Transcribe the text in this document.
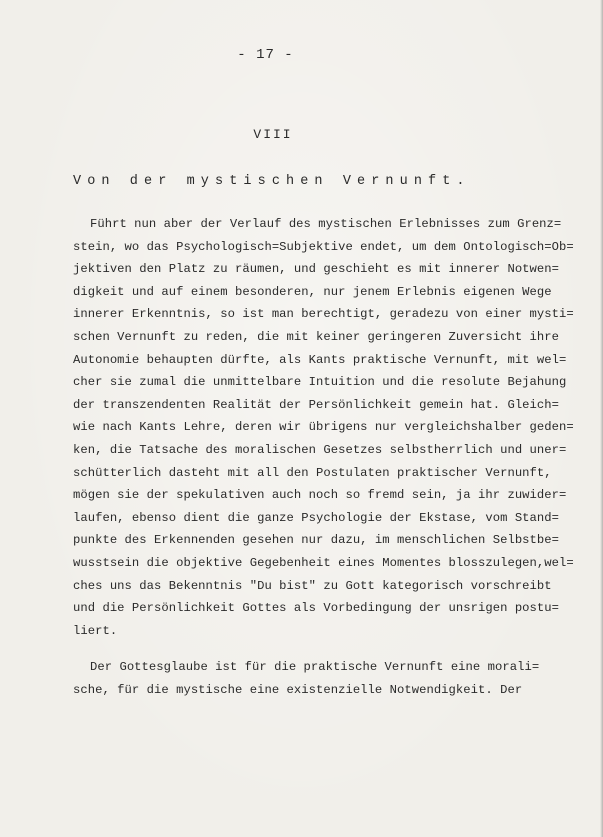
- 17 -
VIII
Von der mystischen Vernunft.
Führt nun aber der Verlauf des mystischen Erlebnisses zum Grenz=
stein, wo das Psychologisch=Subjektive endet, um dem Ontologisch=Ob=
jektiven den Platz zu räumen, und geschieht es mit innerer Notwen=
digkeit und auf einem besonderen, nur jenem Erlebnis eigenen Wege
innerer Erkenntnis, so ist man berechtigt, geradezu von einer mysti=
schen Vernunft zu reden, die mit keiner geringeren Zuversicht ihre
Autonomie behaupten dürfte, als Kants praktische Vernunft, mit wel=
cher sie zumal die unmittelbare Intuition und die resolute Bejahung
der transzendenten Realität der Persönlichkeit gemein hat. Gleich=
wie nach Kants Lehre, deren wir übrigens nur vergleichshalber geden=
ken, die Tatsache des moralischen Gesetzes selbstherrlich und uner=
schütterlich dasteht mit all den Postulaten praktischer Vernunft,
mögen sie der spekulativen auch noch so fremd sein, ja ihr zuwider=
laufen, ebenso dient die ganze Psychologie der Ekstase, vom Stand=
punkte des Erkennenden gesehen nur dazu, im menschlichen Selbstbe=
wusstsein die objektive Gegebenheit eines Momentes blosszulegen,wel=
ches uns das Bekenntnis "Du bist" zu Gott kategorisch vorschreibt
und die Persönlichkeit Gottes als Vorbedingung der unsrigen postu=
liert.
Der Gottesglaube ist für die praktische Vernunft eine morali=
sche, für die mystische eine existenzielle Notwendigkeit. Der
